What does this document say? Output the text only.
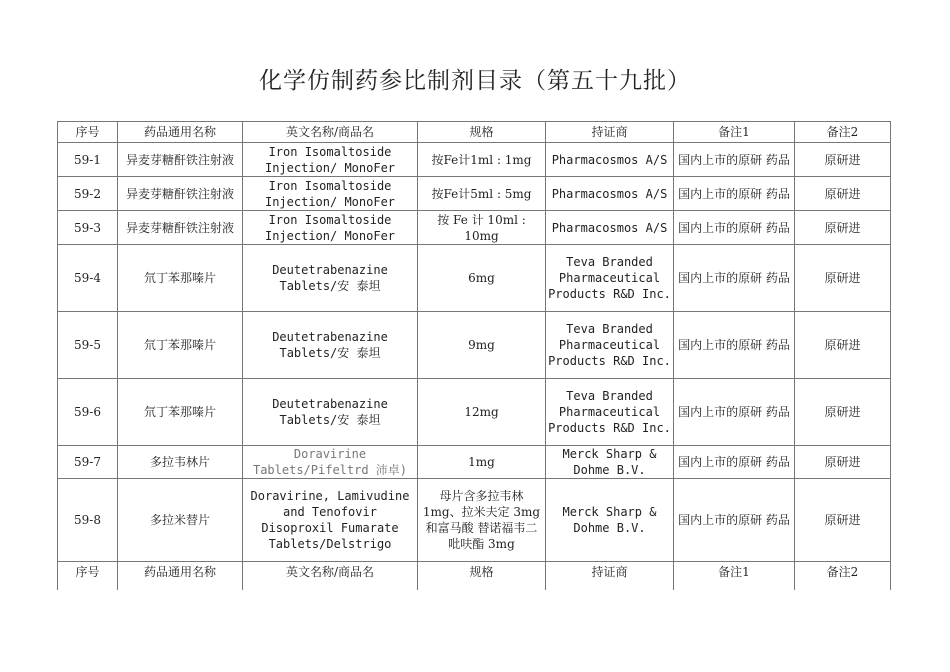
化学仿制药参比制剂目录（第五十九批）
序号	药品通用名称	英文名称/商品名	规格	持证商	备注1	备注2
59-1	异麦芽糖酐铁注射液	Iron Isomaltoside Injection/ MonoFer	按Fe计1ml : 1mg	Pharmacosmos A/S	国内上市的原研 药品	原研进
59-2	异麦芽糖酐铁注射液	Iron Isomaltoside Injection/ MonoFer	按Fe计5ml : 5mg	Pharmacosmos A/S	国内上市的原研 药品	原研进
59-3	异麦芽糖酐铁注射液	Iron Isomaltoside Injection/ MonoFer	按 Fe 计 10ml : 10mg	Pharmacosmos A/S	国内上市的原研 药品	原研进
59-4	氘丁苯那嗪片	Deutetrabenazine Tablets/安 泰坦	6mg	Teva Branded Pharmaceutical Products R&D Inc.	国内上市的原研 药品	原研进
59-5	氘丁苯那嗪片	Deutetrabenazine Tablets/安 泰坦	9mg	Teva Branded Pharmaceutical Products R&D Inc.	国内上市的原研 药品	原研进
59-6	氘丁苯那嗪片	Deutetrabenazine Tablets/安 泰坦	12mg	Teva Branded Pharmaceutical Products R&D Inc.	国内上市的原研 药品	原研进
59-7	多拉韦林片	Doravirine Tablets/Pifeltrd 沛卓)	1mg	Merck Sharp & Dohme B.V.	国内上市的原研 药品	原研进
59-8	多拉米替片	Doravirine, Lamivudine and Tenofovir Disoproxil Fumarate Tablets/Delstrigo	母片含多拉韦林 1mg、拉米夫定 3mg 和富马酸 替诺福韦二吡呋酯 3mg	Merck Sharp & Dohme B.V.	国内上市的原研 药品	原研进
序号	药品通用名称	英文名称/商品名	规格	持证商	备注1	备注2
